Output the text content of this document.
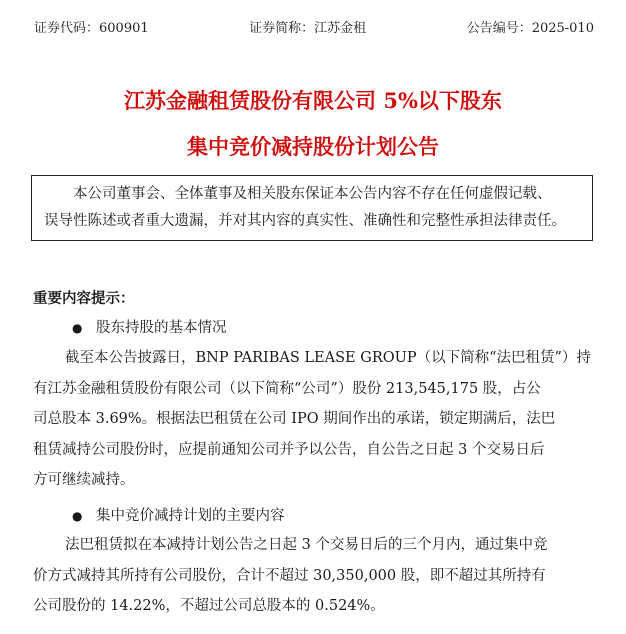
证券代码：600901	证券简称：江苏金租	公告编号：2025-010
江苏金融租赁股份有限公司 5%以下股东
集中竞价减持股份计划公告

本公司董事会、全体董事及相关股东保证本公告内容不存在任何虚假记载、

误导性陈述或者重大遗漏，并对其内容的真实性、准确性和完整性承担法律责任。

重要内容提示：
● 股东持股的基本情况

截至本公告披露日，BNP PARIBAS LEASE GROUP（以下简称“法巴租赁”）持

有江苏金融租赁股份有限公司（以下简称“公司”）股份 213,545,175 股，占公

司总股本 3.69%。根据法巴租赁在公司 IPO 期间作出的承诺，锁定期满后，法巴

租赁减持公司股份时，应提前通知公司并予以公告，自公告之日起 3 个交易日后

方可继续减持。

● 集中竞价减持计划的主要内容

法巴租赁拟在本减持计划公告之日起 3 个交易日后的三个月内，通过集中竞

价方式减持其所持有公司股份，合计不超过 30,350,000 股，即不超过其所持有

公司股份的 14.22%，不超过公司总股本的 0.524%。
